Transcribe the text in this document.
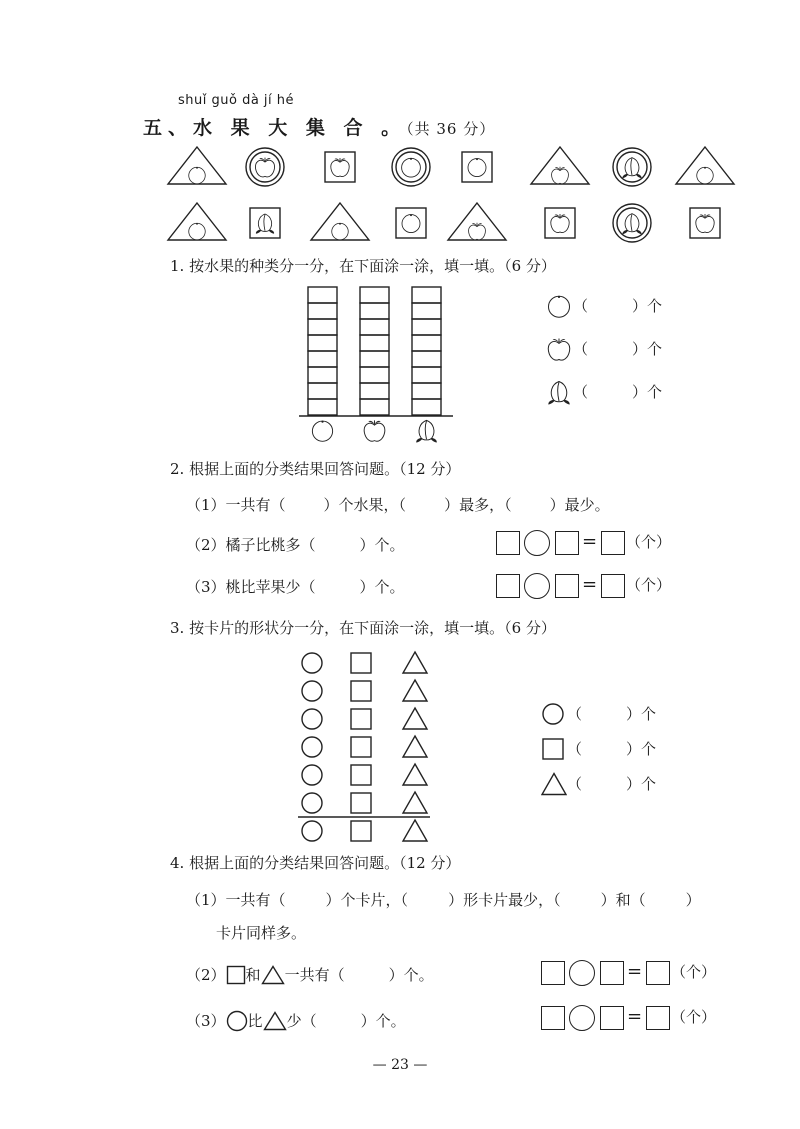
shuǐ guǒ dà jí hé
五、水 果 大 集 合 。（共 36 分）
1. 按水果的种类分一分，在下面涂一涂，填一填。（6 分）
（	）个
（	）个
（	）个
2. 根据上面的分类结果回答问题。（12 分）
（1）一共有（	）个水果，（	）最多，（	）最少。
（2）橘子比桃多（	）个。
（3）桃比苹果少（	）个。
= （个）
= （个）
3. 按卡片的形状分一分，在下面涂一涂，填一填。（6 分）
（	）个
（	）个
（	）个
4. 根据上面的分类结果回答问题。（12 分）
（1）一共有（	）个卡片，（	）形卡片最少，（	）和（	）
卡片同样多。
（2） 和 一共有（	）个。
（3） 比 少（	）个。
= （个）
= （个）
— 23 —
